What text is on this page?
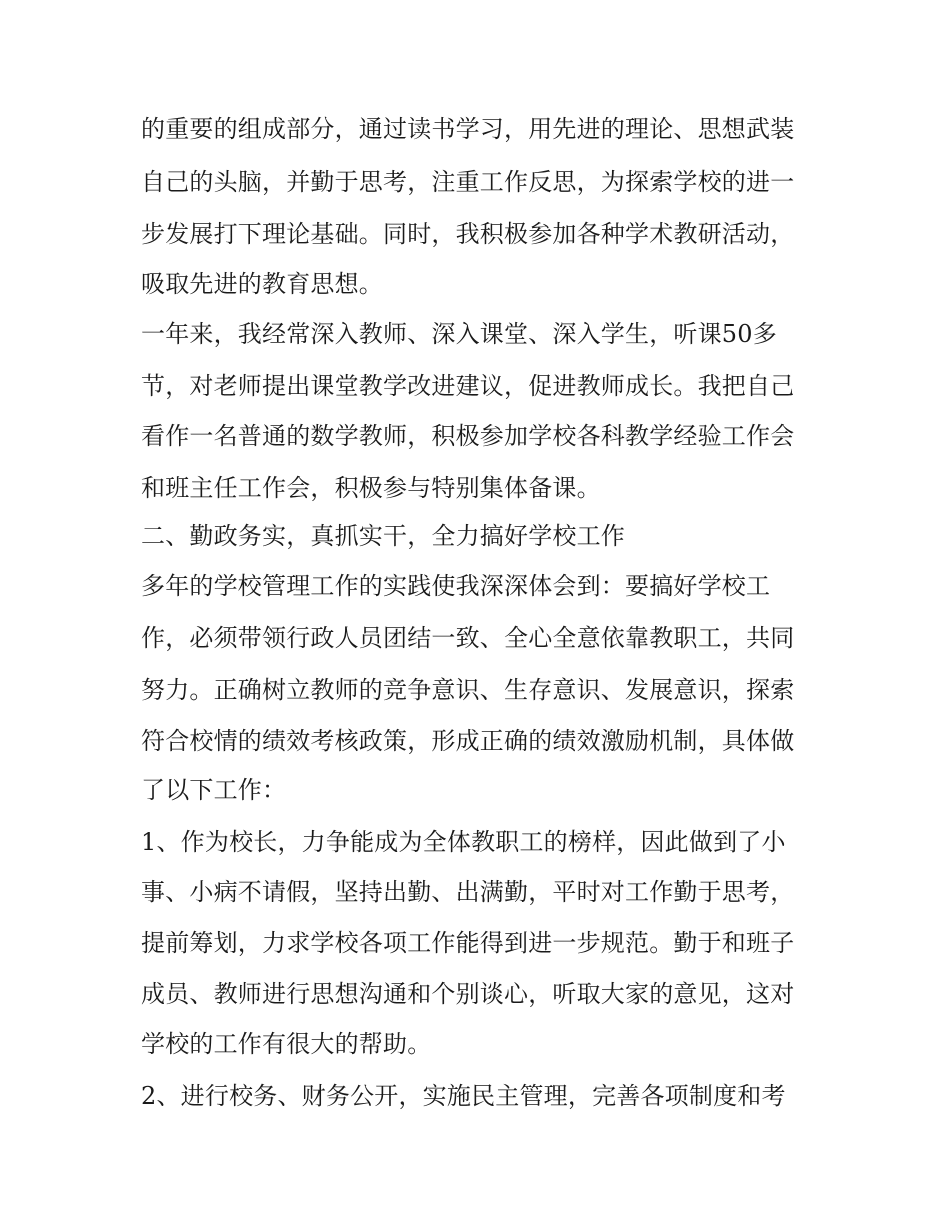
的重要的组成部分，通过读书学习，用先进的理论、思想武装
自己的头脑，并勤于思考，注重工作反思，为探索学校的进一
步发展打下理论基础。同时，我积极参加各种学术教研活动，
吸取先进的教育思想。
一年来，我经常深入教师、深入课堂、深入学生，听课50多
节，对老师提出课堂教学改进建议，促进教师成长。我把自己
看作一名普通的数学教师，积极参加学校各科教学经验工作会
和班主任工作会，积极参与特别集体备课。
二、勤政务实，真抓实干，全力搞好学校工作
多年的学校管理工作的实践使我深深体会到：要搞好学校工
作，必须带领行政人员团结一致、全心全意依靠教职工，共同
努力。正确树立教师的竞争意识、生存意识、发展意识，探索
符合校情的绩效考核政策，形成正确的绩效激励机制，具体做
了以下工作：
1、作为校长，力争能成为全体教职工的榜样，因此做到了小
事、小病不请假，坚持出勤、出满勤，平时对工作勤于思考，
提前筹划，力求学校各项工作能得到进一步规范。勤于和班子
成员、教师进行思想沟通和个别谈心，听取大家的意见，这对
学校的工作有很大的帮助。
2、进行校务、财务公开，实施民主管理，完善各项制度和考
